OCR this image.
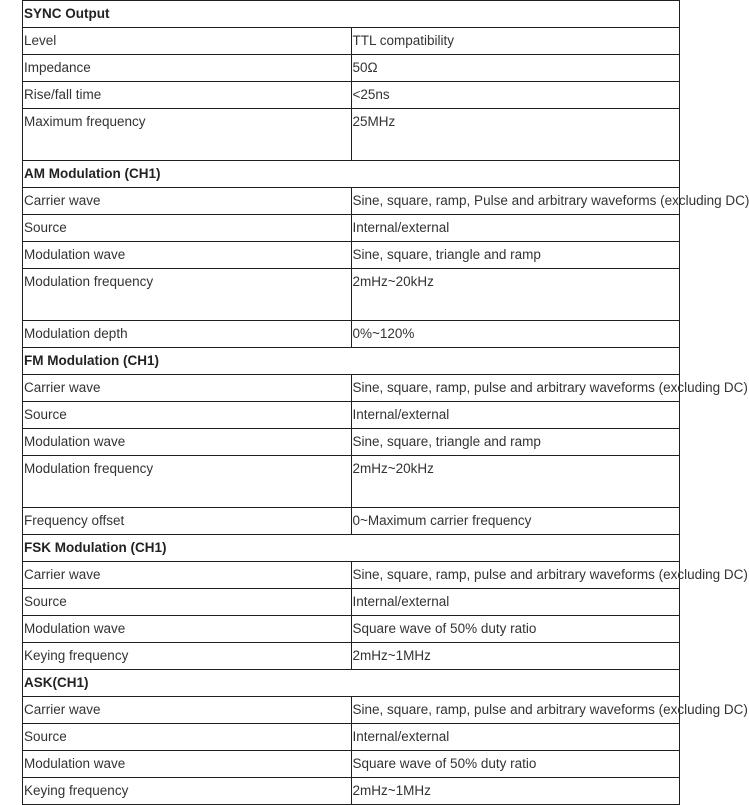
SYNC Output	
Level	TTL compatibility
Impedance	50Ω
Rise/fall time	<25ns
Maximum frequency	25MHz
AM Modulation (CH1)	
Carrier wave	Sine, square, ramp, Pulse and arbitrary waveforms (excluding DC)
Source	Internal/external
Modulation wave	Sine, square, triangle and ramp
Modulation frequency	2mHz~20kHz
Modulation depth	0%~120%
FM Modulation (CH1)	
Carrier wave	Sine, square, ramp, pulse and arbitrary waveforms (excluding DC)
Source	Internal/external
Modulation wave	Sine, square, triangle and ramp
Modulation frequency	2mHz~20kHz
Frequency offset	0~Maximum carrier frequency
FSK Modulation (CH1)	
Carrier wave	Sine, square, ramp, pulse and arbitrary waveforms (excluding DC)
Source	Internal/external
Modulation wave	Square wave of 50% duty ratio
Keying frequency	2mHz~1MHz
ASK(CH1)	
Carrier wave	Sine, square, ramp, pulse and arbitrary waveforms (excluding DC)
Source	Internal/external
Modulation wave	Square wave of 50% duty ratio
Keying frequency	2mHz~1MHz
